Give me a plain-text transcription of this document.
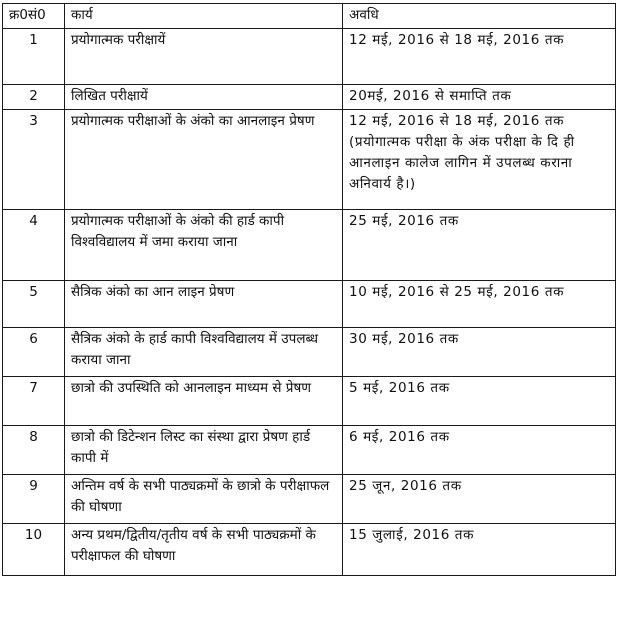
क्र0सं0	कार्य	अवधि
1	प्रयोगात्मक परीक्षायें	12 मई, 2016 से 18 मई, 2016 तक
2	लिखित परीक्षायें	20मई, 2016 से समाप्ति तक
3	प्रयोगात्मक परीक्षाओं के अंको का आनलाइन प्रेषण	12 मई, 2016 से 18 मई, 2016 तक (प्रयोगात्मक परीक्षा के अंक परीक्षा के दि ही आनलाइन कालेज लागिन में उपलब्ध कराना अनिवार्य है।)
4	प्रयोगात्मक परीक्षाओं के अंको की हार्ड कापी विश्वविद्यालय में जमा कराया जाना	25 मई, 2016 तक
5	सैत्रिक अंको का आन लाइन प्रेषण	10 मई, 2016 से 25 मई, 2016 तक
6	सैत्रिक अंको के हार्ड कापी विश्वविद्यालय में उपलब्ध कराया जाना	30 मई, 2016 तक
7	छात्रो की उपस्थिति को आनलाइन माध्यम से प्रेषण	5 मई, 2016 तक
8	छात्रो की डिटेन्शन लिस्ट का संस्था द्वारा प्रेषण हार्ड कापी में	6 मई, 2016 तक
9	अन्तिम वर्ष के सभी पाठ्यक्रमों के छात्रो के परीक्षाफल की घोषणा	25 जून, 2016 तक
10	अन्य प्रथम/द्वितीय/तृतीय वर्ष के सभी पाठ्यक्रमों के परीक्षाफल की घोषणा	15 जुलाई, 2016 तक
